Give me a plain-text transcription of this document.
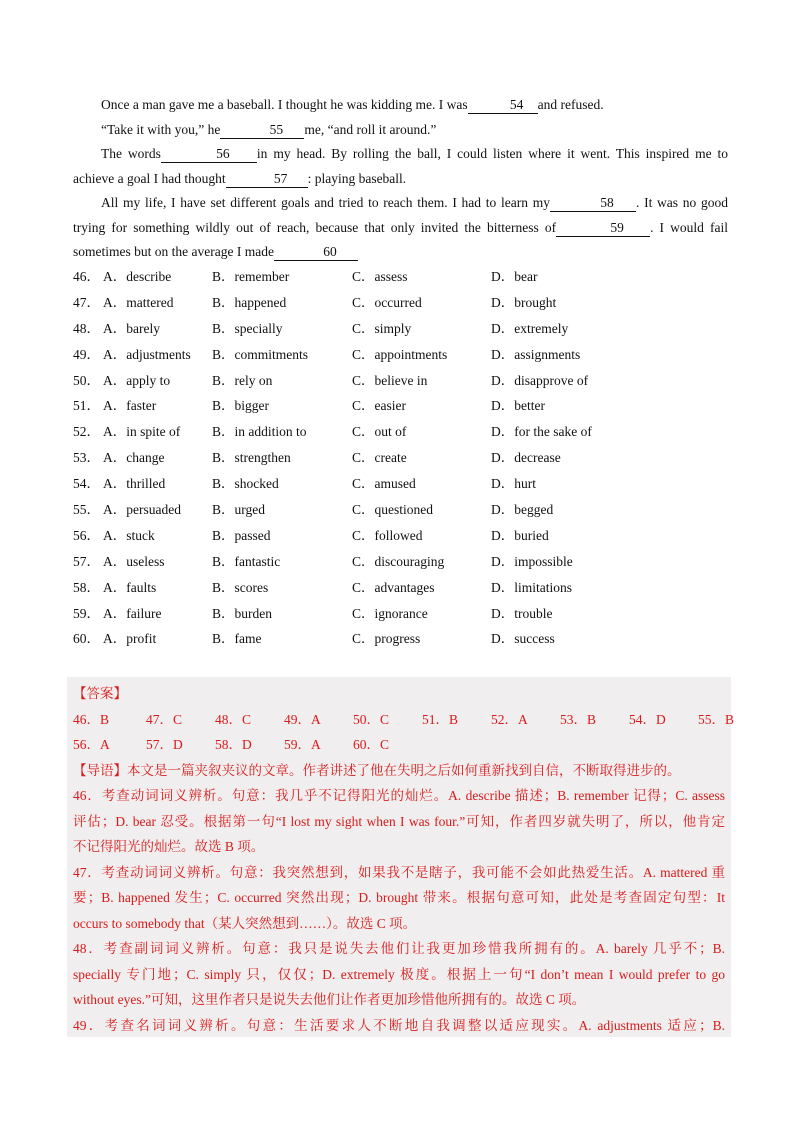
Once a man gave me a baseball. I thought he was kidding me. I was	54 and refused.

“Take it with you,” he	55 me, “and roll it around.”

The words	56 in my head. By rolling the ball, I could listen where it went. This inspired me to achieve a goal I had thought	57 : playing baseball.

All my life, I have set different goals and tried to reach them. I had to learn my	58 . It was no good trying for something wildly out of reach, because that only invited the bitterness of	59 . I would fail sometimes but on the average I made	60

46． A．describe	B．remember	C．assess	D．bear
47． A．mattered	B．happened	C．occurred	D．brought
48． A．barely	B．specially	C．simply	D．extremely
49． A．adjustments B．commitments	C．appointments	D．assignments
50． A．apply to	B．rely on	C．believe in	D．disapprove of
51． A．faster	B．bigger	C．easier	D．better
52． A．in spite of B．in addition to	C．out of	D．for the sake of
53． A．change	B．strengthen	C．create	D．decrease
54． A．thrilled	B．shocked	C．amused	D．hurt
55． A．persuaded B．urged	C．questioned	D．begged
56． A．stuck	B．passed	C．followed	D．buried
57． A．useless	B．fantastic	C．discouraging	D．impossible
58． A．faults	B．scores	C．advantages	D．limitations
59． A．failure	B．burden	C．ignorance	D．trouble
60． A．profit	B．fame	C．progress	D．success
【答案】
46．B	47．C 48．C 49．A 50．C 51．B 52．A 53．B 54．D 55．B
56．A	57．D 58．D 59．A 60．C
【导语】本文是一篇夹叙夹议的文章。作者讲述了他在失明之后如何重新找到自信，不断取得进步的。
46．考查动词词义辨析。句意：我几乎不记得阳光的灿烂。A. describe 描述；B. remember 记得；C. assess
评估；D. bear 忍受。根据第一句“I lost my sight when I was four.”可知，作者四岁就失明了，所以，他肯定
不记得阳光的灿烂。故选 B 项。
47．考查动词词义辨析。句意：我突然想到，如果我不是瞎子，我可能不会如此热爱生活。A. mattered 重
要；B. happened 发生；C. occurred 突然出现；D. brought 带来。根据句意可知，此处是考查固定句型：It
occurs to somebody that（某人突然想到……）。故选 C 项。
48．考查副词词义辨析。句意：我只是说失去他们让我更加珍惜我所拥有的。A. barely 几乎不；B.
specially 专门地；C. simply 只，仅仅；D. extremely 极度。根据上一句“I don’t mean I would prefer to go
without eyes.”可知，这里作者只是说失去他们让作者更加珍惜他所拥有的。故选 C 项。
49．考查名词词义辨析。句意：生活要求人不断地自我调整以适应现实。A. adjustments 适应；B.
